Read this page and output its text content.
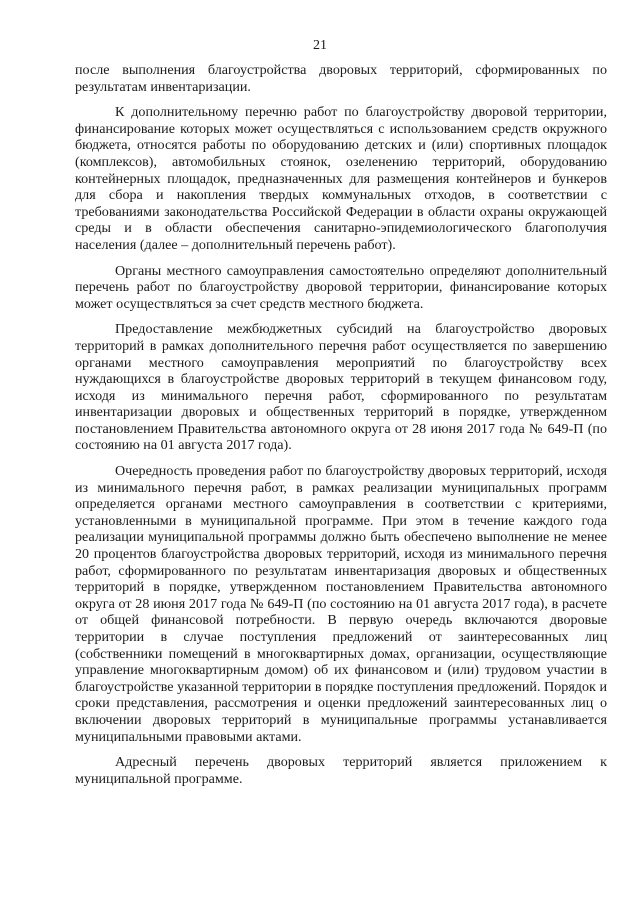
21

после выполнения благоустройства дворовых территорий, сформированных по результатам инвентаризации.

К дополнительному перечню работ по благоустройству дворовой территории, финансирование которых может осуществляться с использованием средств окружного бюджета, относятся работы по оборудованию детских и (или) спортивных площадок (комплексов), автомобильных стоянок, озеленению территорий, оборудованию контейнерных площадок, предназначенных для размещения контейнеров и бункеров для сбора и накопления твердых коммунальных отходов, в соответствии с требованиями законодательства Российской Федерации в области охраны окружающей среды и в области обеспечения санитарно-эпидемиологического благополучия населения (далее – дополнительный перечень работ).

Органы местного самоуправления самостоятельно определяют дополнительный перечень работ по благоустройству дворовой территории, финансирование которых может осуществляться за счет средств местного бюджета.

Предоставление межбюджетных субсидий на благоустройство дворовых территорий в рамках дополнительного перечня работ осуществляется по завершению органами местного самоуправления мероприятий по благоустройству всех нуждающихся в благоустройстве дворовых территорий в текущем финансовом году, исходя из минимального перечня работ, сформированного по результатам инвентаризации дворовых и общественных территорий в порядке, утвержденном постановлением Правительства автономного округа от 28 июня 2017 года № 649-П (по состоянию на 01 августа 2017 года).

Очередность проведения работ по благоустройству дворовых территорий, исходя из минимального перечня работ, в рамках реализации муниципальных программ определяется органами местного самоуправления в соответствии с критериями, установленными в муниципальной программе. При этом в течение каждого года реализации муниципальной программы должно быть обеспечено выполнение не менее 20 процентов благоустройства дворовых территорий, исходя из минимального перечня работ, сформированного по результатам инвентаризация дворовых и общественных территорий в порядке, утвержденном постановлением Правительства автономного округа от 28 июня 2017 года № 649-П (по состоянию на 01 августа 2017 года), в расчете от общей финансовой потребности. В первую очередь включаются дворовые территории в случае поступления предложений от заинтересованных лиц (собственники помещений в многоквартирных домах, организации, осуществляющие управление многоквартирным домом) об их финансовом и (или) трудовом участии в благоустройстве указанной территории в порядке поступления предложений. Порядок и сроки представления, рассмотрения и оценки предложений заинтересованных лиц о включении дворовых территорий в муниципальные программы устанавливается муниципальными правовыми актами.

Адресный перечень дворовых территорий является приложением к муниципальной программе.
